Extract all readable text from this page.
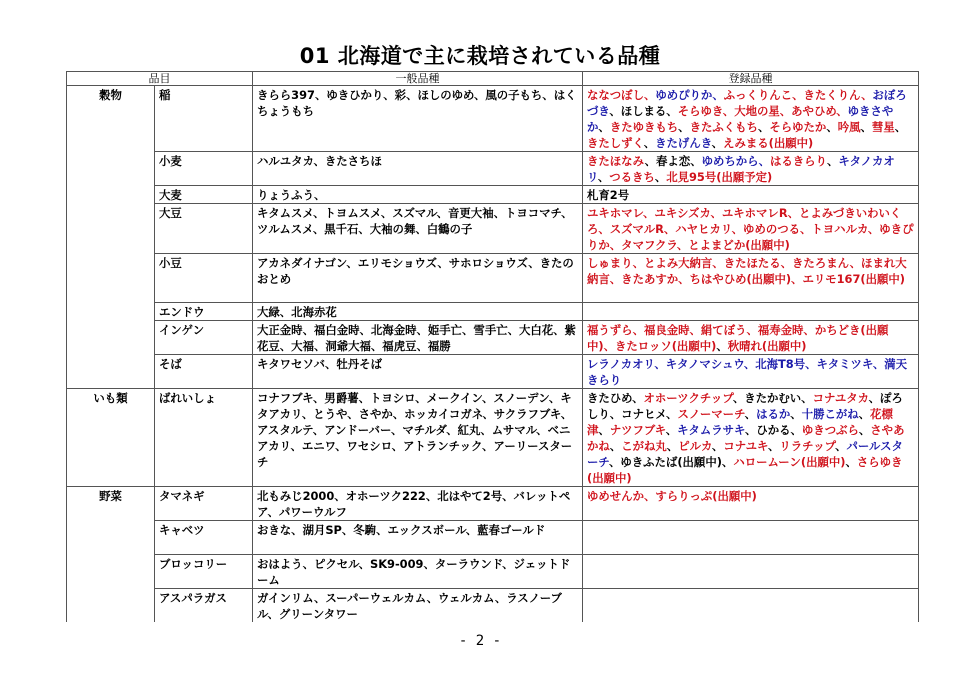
01 北海道で主に栽培されている品種
品目		一般品種	登録品種
穀物	稲	きらら397、ゆきひかり、彩、ほしのゆめ、風の子もち、はくちょうもち	ななつぼし、ゆめぴりか、ふっくりんこ、きたくりん、おぼろづき、ほしまる、そらゆき、大地の星、あやひめ、ゆきさやか、きたゆきもち、きたふくもち、そらゆたか、吟風、彗星、きたしずく、きたげんき、えみまる(出願中)
	小麦	ハルユタカ、きたさちほ	きたほなみ、春よ恋、ゆめちから、はるきらり、キタノカオリ、つるきち、北見95号(出願予定)
	大麦	りょうふう、	札育2号
	大豆	キタムスメ、トヨムスメ、スズマル、音更大袖、トヨコマチ、ツルムスメ、黒千石、大袖の舞、白鶴の子	ユキホマレ、ユキシズカ、ユキホマレR、とよみづきいわいくろ、スズマルR、ハヤヒカリ、ゆめのつる、トヨハルカ、ゆきぴりか、タマフクラ、とよまどか(出願中)
	小豆	アカネダイナゴン、エリモショウズ、サホロショウズ、きたのおとめ	しゅまり、とよみ大納言、きたほたる、きたろまん、ほまれ大納言、きたあすか、ちはやひめ(出願中)、エリモ167(出願中)
	エンドウ	大緑、北海赤花	
	インゲン	大正金時、福白金時、北海金時、姫手亡、雪手亡、大白花、紫花豆、大福、洞爺大福、福虎豆、福勝	福うずら、福良金時、絹てぼう、福寿金時、かちどき(出願中)、きたロッソ(出願中)、秋晴れ(出願中)
	そば	キタワセソバ、牡丹そば	レラノカオリ、キタノマシュウ、北海T8号、キタミツキ、満天きらり
いも類	ばれいしょ	コナフブキ、男爵薯、トヨシロ、メークイン、スノーデン、キタアカリ、とうや、さやか、ホッカイコガネ、サクラフブキ、アスタルテ、アンドーバー、マチルダ、紅丸、ムサマル、ベニアカリ、エニワ、ワセシロ、アトランチック、アーリースターチ	きたひめ、オホーツクチップ、きたかむい、コナユタカ、ぽろしり、コナヒメ、スノーマーチ、はるか、十勝こがね、花標津、ナツフブキ、キタムラサキ、ひかる、ゆきつぶら、さやあかね、こがね丸、ピルカ、コナユキ、リラチップ、パールスターチ、ゆきふたば(出願中)、ハロームーン(出願中)、さらゆき(出願中)
野菜	タマネギ	北もみじ2000、オホーツク222、北はやて2号、バレットペア、パワーウルフ	ゆめせんか、すらりっぷ(出願中)
	キャベツ	おきな、湖月SP、冬駒、エックスボール、藍春ゴールド	
	ブロッコリー	おはよう、ピクセル、SK9-009、ターラウンド、ジェットドーム	
	アスパラガス	ガインリム、スーパーウェルカム、ウェルカム、ラスノーブル、グリーンタワー	
- 2 -
